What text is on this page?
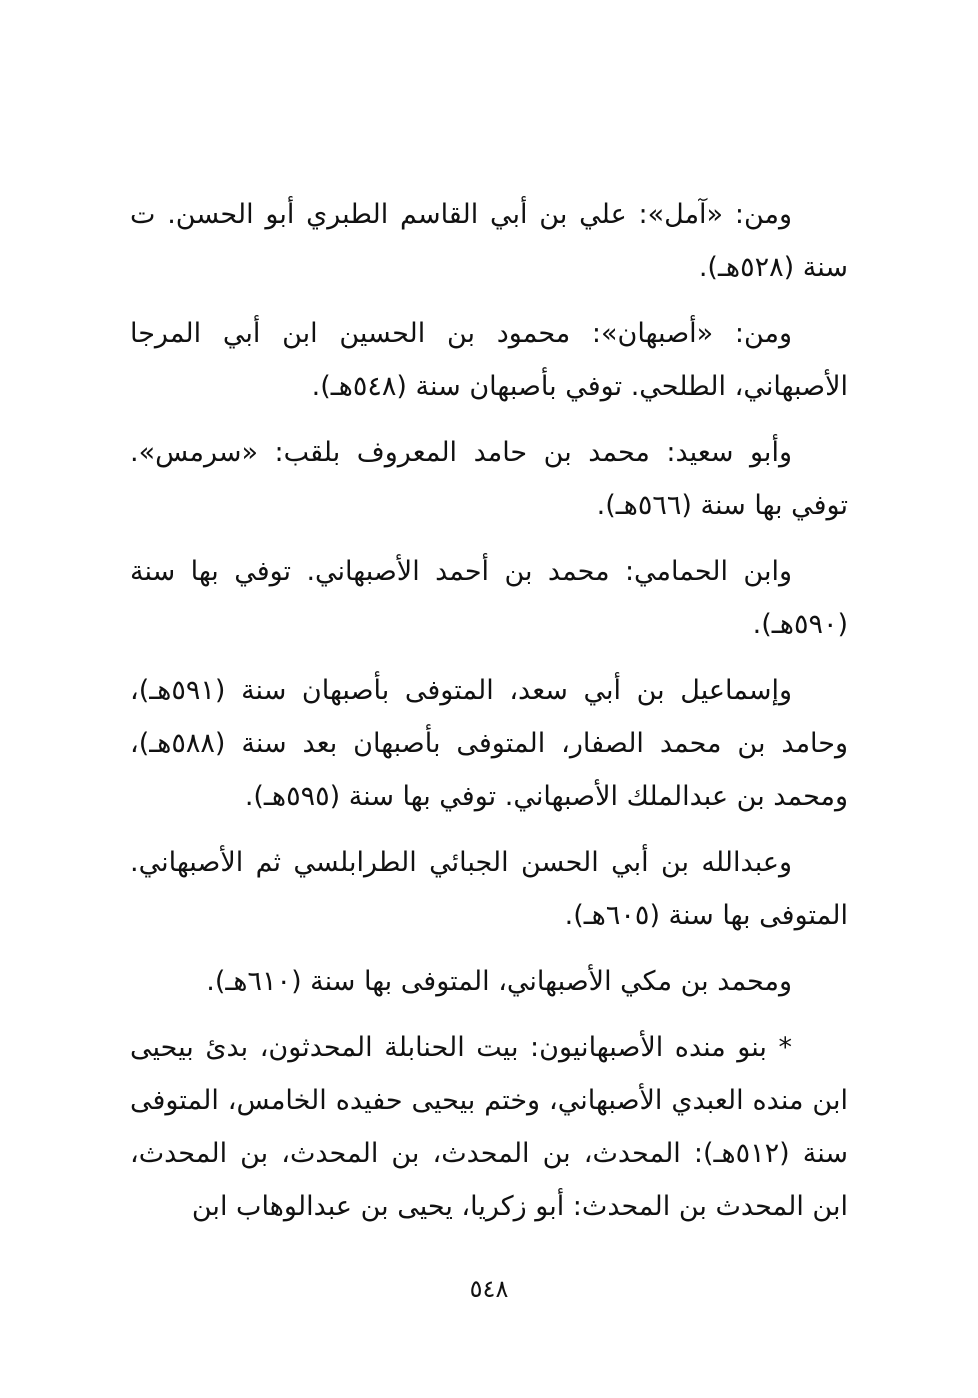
ومن: «آمل»: علي بن أبي القاسم الطبري أبو الحسن. ت سنة (٥٢٨هـ).

ومن: «أصبهان»: محمود بن الحسين ابن أبي المرجا الأصبهاني، الطلحي. توفي بأصبهان سنة (٥٤٨هـ).

وأبو سعيد: محمد بن حامد المعروف بلقب: «سرمس». توفي بها سنة (٥٦٦هـ).

وابن الحمامي: محمد بن أحمد الأصبهاني. توفي بها سنة (٥٩٠هـ).

وإسماعيل بن أبي سعد، المتوفى بأصبهان سنة (٥٩١هـ)، وحامد بن محمد الصفار، المتوفى بأصبهان بعد سنة (٥٨٨هـ)، ومحمد بن عبدالملك الأصبهاني. توفي بها سنة (٥٩٥هـ).

وعبدالله بن أبي الحسن الجبائي الطرابلسي ثم الأصبهاني. المتوفى بها سنة (٦٠٥هـ).

ومحمد بن مكي الأصبهاني، المتوفى بها سنة (٦١٠هـ).

* بنو منده الأصبهانيون: بيت الحنابلة المحدثون، بدئ بيحيى ابن منده العبدي الأصبهاني، وختم بيحيى حفيده الخامس، المتوفى سنة (٥١٢هـ): المحدث، بن المحدث، بن المحدث، بن المحدث، ابن المحدث بن المحدث: أبو زكريا، يحيى بن عبدالوهاب ابن

٥٤٨
